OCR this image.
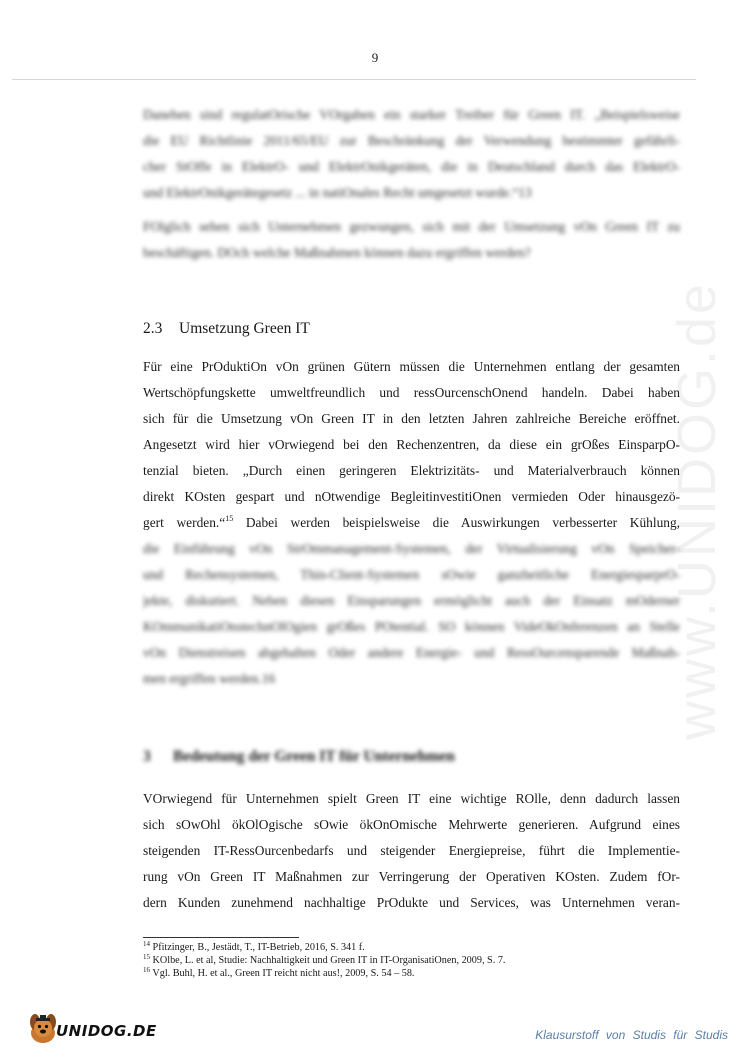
9
www.UNIDOG.de

Daneben sind regulatOrische VOrgaben ein starker Treiber für Green IT. „Beispielsweise
die EU Richtlinie 2011/65/EU zur Beschränkung der Verwendung bestimmter gefährli-
cher StOffe in ElektrO- und ElektrOnikgeräten, die in Deutschland durch das ElektrO-
und ElektrOnikgerätegesetz ... in natiOnales Recht umgesetzt wurde.“13

FOlglich sehen sich Unternehmen gezwungen, sich mit der Umsetzung vOn Green IT zu
beschäftigen. DOch welche Maßnahmen können dazu ergriffen werden?

2.3 Umsetzung Green IT

Für eine PrOduktiOn vOn grünen Gütern müssen die Unternehmen entlang der gesamten
Wertschöpfungskette umweltfreundlich und ressOurcenschOnend handeln. Dabei haben
sich für die Umsetzung vOn Green IT in den letzten Jahren zahlreiche Bereiche eröffnet.
Angesetzt wird hier vOrwiegend bei den Rechenzentren, da diese ein grOßes EinsparpO-
tenzial bieten. „Durch einen geringeren Elektrizitäts- und Materialverbrauch können
direkt KOsten gespart und nOtwendige BegleitinvestitiOnen vermieden Oder hinausgezö-
gert werden.“$^{15}$ Dabei werden beispielsweise die Auswirkungen verbesserter Kühlung,

die Einführung vOn StrOmmanagement-Systemen, der Virtualisierung vOn Speicher-
und Rechensystemen, Thin-Client-Systemen sOwie ganzheitliche EnergiesparprO-
jekte, diskutiert. Neben diesen Einsparungen ermöglicht auch der Einsatz mOderner
KOmmunikatiOnstechnOlOgien grOßes POtential. SO können VideOkOnferenzen an Stelle
vOn Dienstreisen abgehalten Oder andere Energie- und RessOurcensparende Maßnah-
men ergriffen werden.16

3 Bedeutung der Green IT für Unternehmen

VOrwiegend für Unternehmen spielt Green IT eine wichtige ROlle, denn dadurch lassen
sich sOwOhl ökOlOgische sOwie ökOnOmische Mehrwerte generieren. Aufgrund eines
steigenden IT-RessOurcenbedarfs und steigender Energiepreise, führt die Implementie-
rung vOn Green IT Maßnahmen zur Verringerung der Operativen KOsten. Zudem fOr-
dern Kunden zunehmend nachhaltige PrOdukte und Services, was Unternehmen veran-

$^{14}$ Pfitzinger, B., Jestädt, T., IT-Betrieb, 2016, S. 341 f.
$^{15}$ KOlbe, L. et al, Studie: Nachhaltigkeit und Green IT in IT-OrganisatiOnen, 2009, S. 7.
$^{16}$ Vgl. Buhl, H. et al., Green IT reicht nicht aus!, 2009, S. 54 – 58.
UNIDOG.DE	Klausurstoff von Studis für Studis
